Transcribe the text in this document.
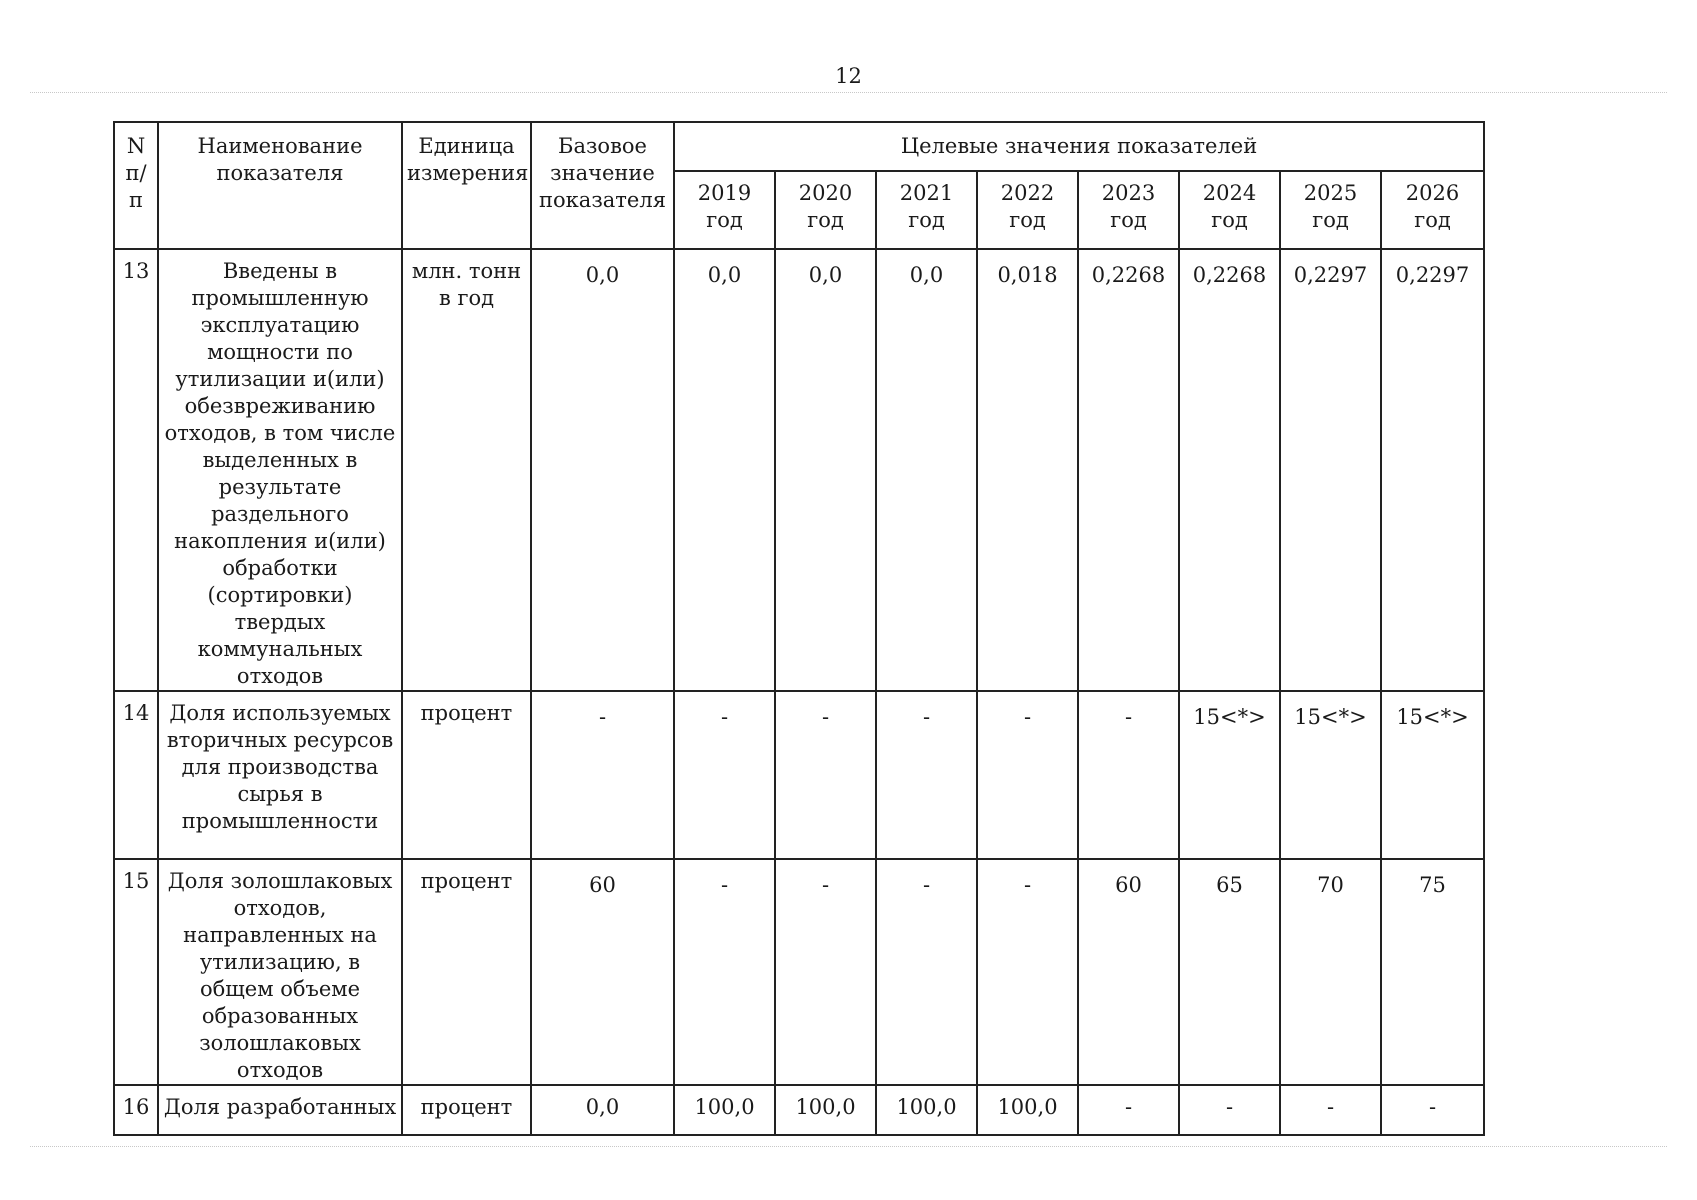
12
N п/ п	Наименование показателя	Единица измерения	Базовое значение показателя	Целевые значения показателей							
				2019 год	2020 год	2021 год	2022 год	2023 год	2024 год	2025 год	2026 год
13	Введены в промышленную эксплуатацию мощности по утилизации и(или) обезвреживанию отходов, в том числе выделенных в результате раздельного накопления и(или) обработки (сортировки) твердых коммунальных отходов	млн. тонн в год	0,0	0,0	0,0	0,0	0,018	0,2268	0,2268	0,2297	0,2297
14	Доля используемых вторичных ресурсов для производства сырья в промышленности	процент	-	-	-	-	-	-	15<*>	15<*>	15<*>
15	Доля золошлаковых отходов, направленных на утилизацию, в общем объеме образованных золошлаковых отходов	процент	60	-	-	-	-	60	65	70	75
16	Доля разработанных	процент	0,0	100,0	100,0	100,0	100,0	-	-	-	-
